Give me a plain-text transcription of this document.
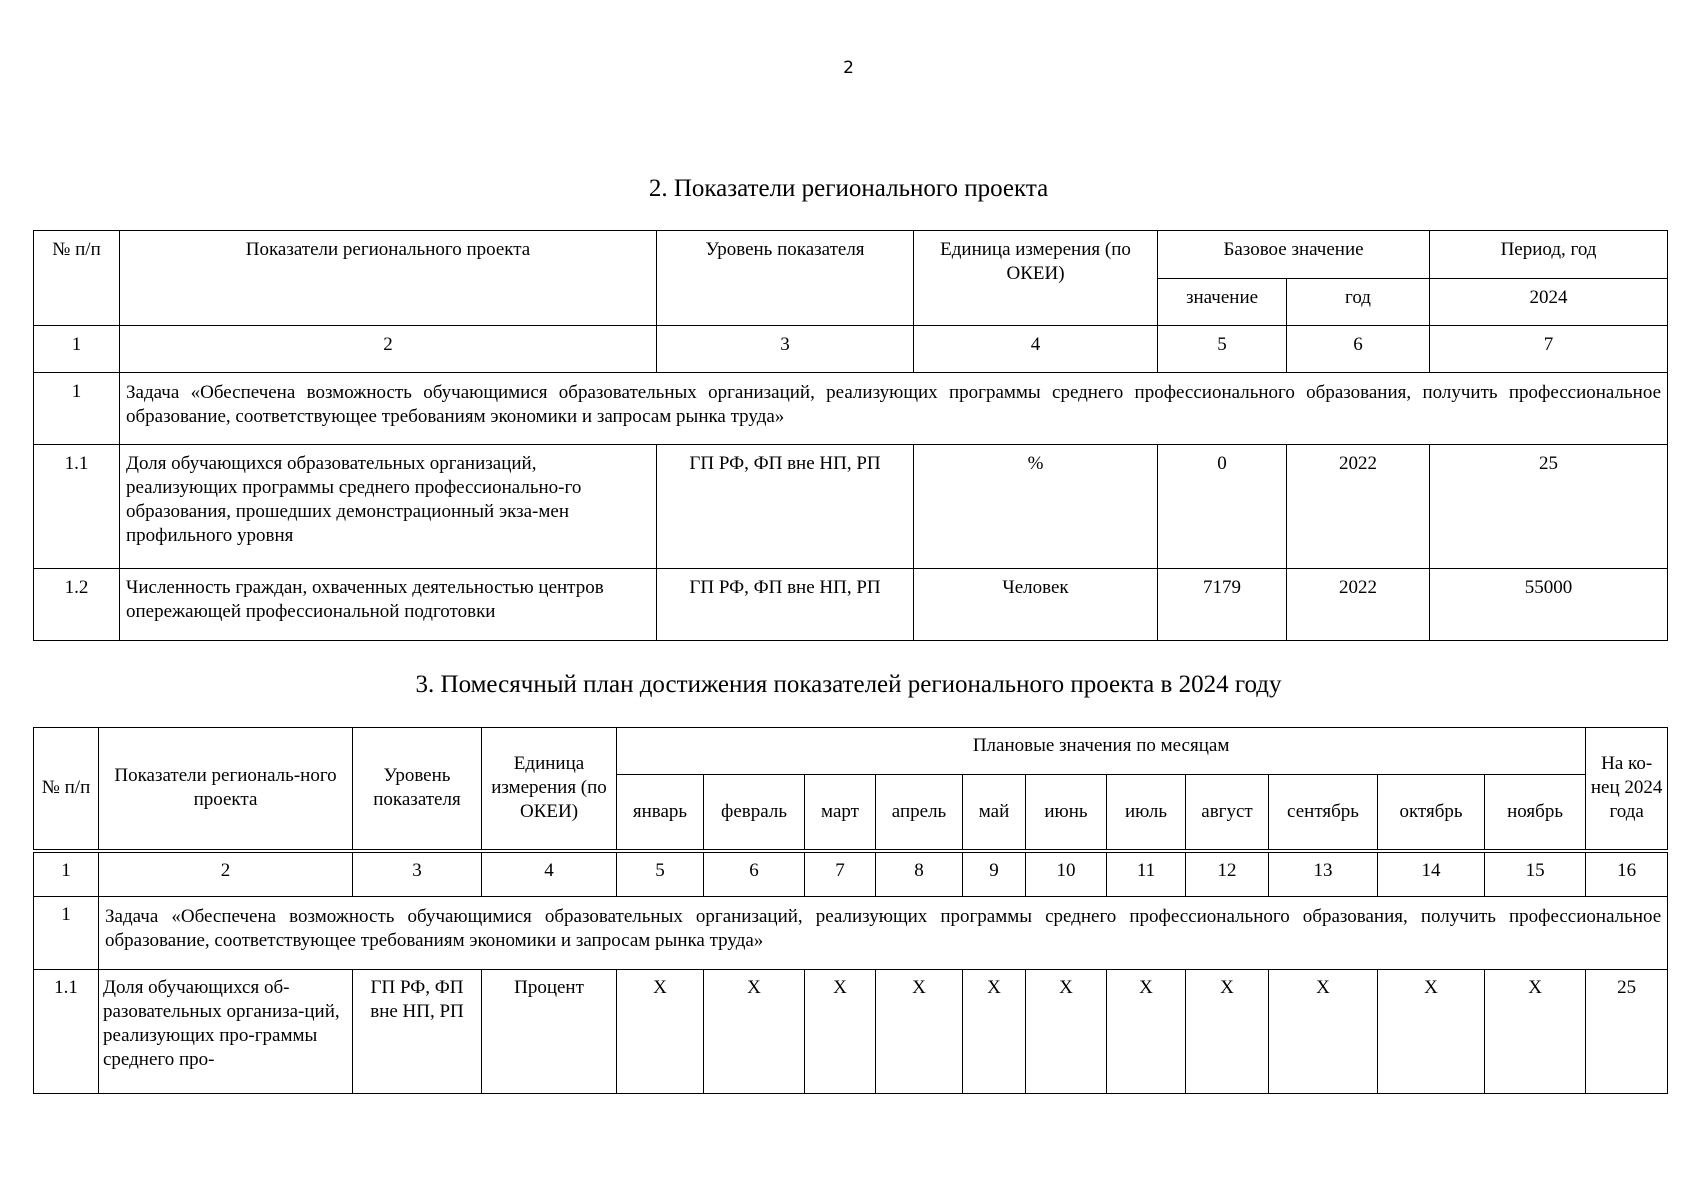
2
2. Показатели регионального проекта
№ п/п	Показатели регионального проекта	Уровень показателя	Единица измерения (по ОКЕИ)	Базовое значение		Период, год
				значение	год	2024
1	2	3	4	5	6	7
1	Задача «Обеспечена возможность обучающимися образовательных организаций, реализующих программы среднего профессионального образования, получить профессиональное образование, соответствующее требованиям экономики и запросам рынка труда»					
1.1	Доля обучающихся образовательных организаций, реализующих программы среднего профессионально-го образования, прошедших демонстрационный экза-мен профильного уровня	ГП РФ, ФП вне НП, РП	%	0	2022	25
1.2	Численность граждан, охваченных деятельностью центров опережающей профессиональной подготовки	ГП РФ, ФП вне НП, РП	Человек	7179	2022	55000
3. Помесячный план достижения показателей регионального проекта в 2024 году
№ п/п	Показатели региональ-ного проекта	Уровень показателя	Единица измерения (по ОКЕИ)	Плановые значения по месяцам											На ко-нец 2024 года
				январь	февраль	март	апрель	май	июнь	июль	август	сентябрь	октябрь	ноябрь	
1	2	3	4	5	6	7	8	9	10	11	12	13	14	15	16
1	Задача «Обеспечена возможность обучающимися образовательных организаций, реализующих программы среднего профессионального образования, получить профессиональное образование, соответствующее требованиям экономики и запросам рынка труда»														
1.1	Доля обучающихся об-разовательных организа-ций, реализующих про-граммы среднего про-	ГП РФ, ФП вне НП, РП	Процент	X	X	X	X	X	X	X	X	X	X	X	25
